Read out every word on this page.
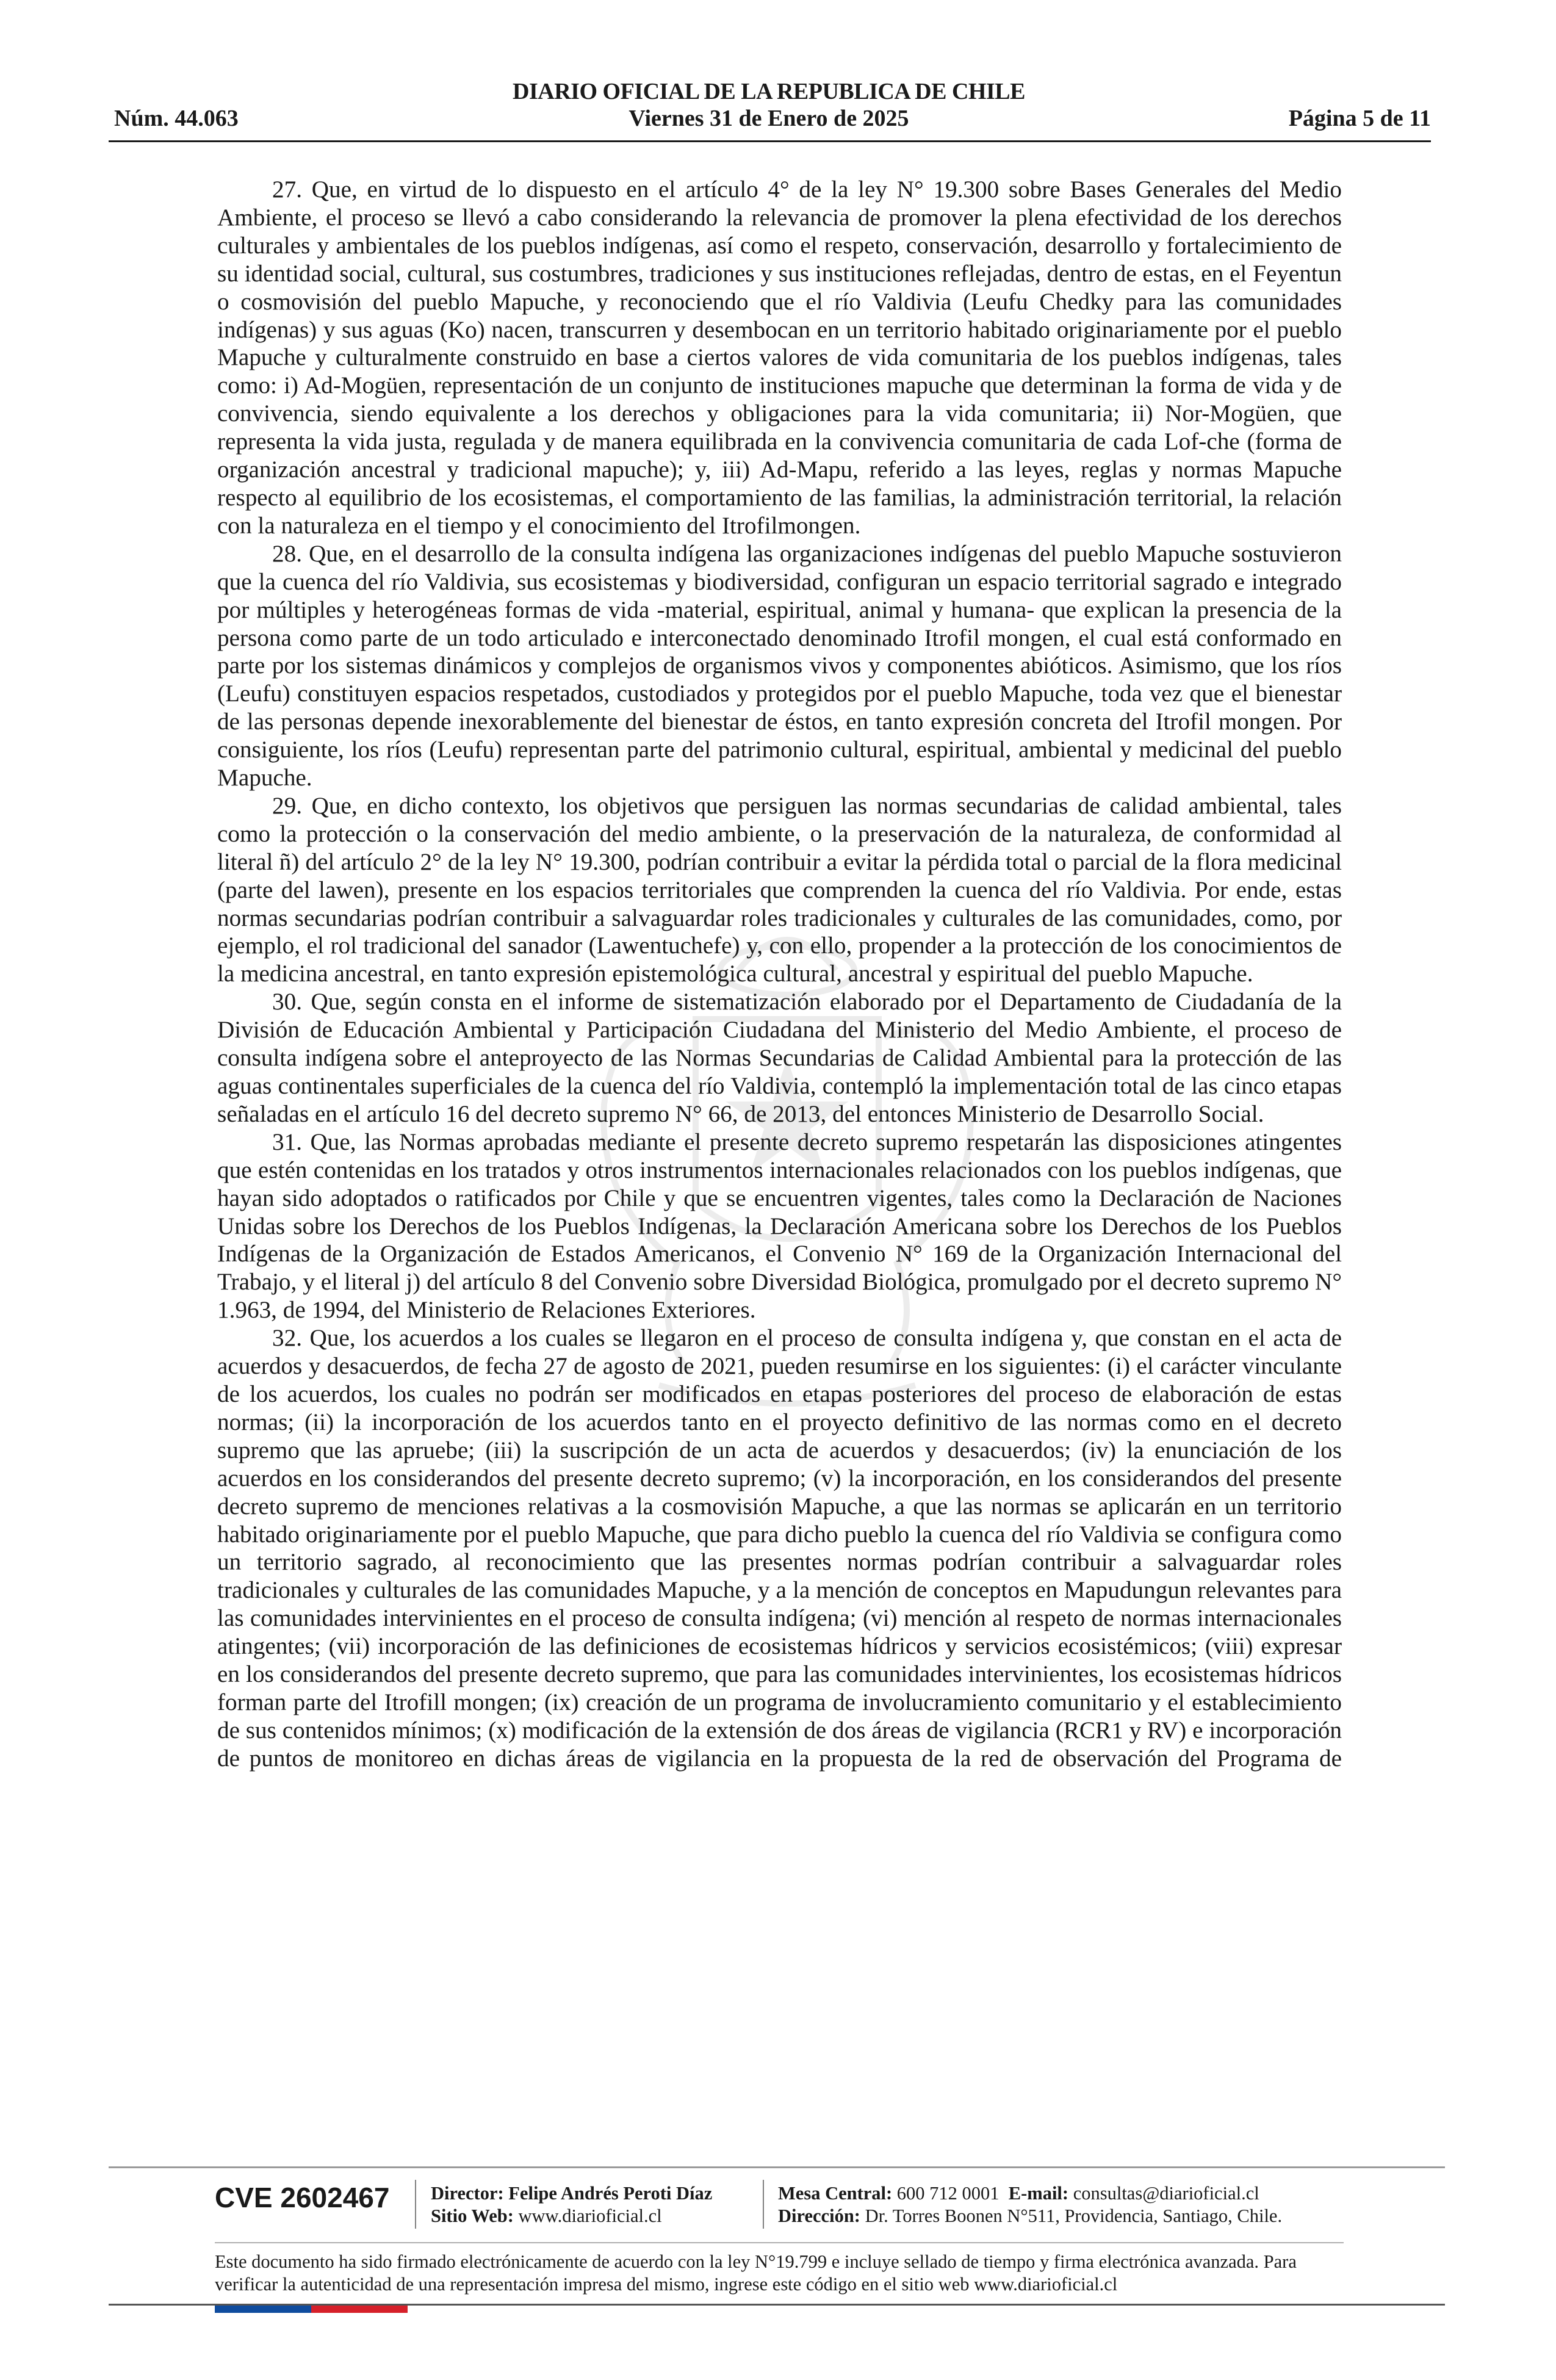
DIARIO OFICIAL DE LA REPUBLICA DE CHILE
Núm. 44.063	Viernes 31 de Enero de 2025	Página 5 de 11

27. Que, en virtud de lo dispuesto en el artículo 4° de la ley N° 19.300 sobre Bases Generales del Medio Ambiente, el proceso se llevó a cabo considerando la relevancia de promover la plena efectividad de los derechos culturales y ambientales de los pueblos indígenas, así como el respeto, conservación, desarrollo y fortalecimiento de su identidad social, cultural, sus costumbres, tradiciones y sus instituciones reflejadas, dentro de estas, en el Feyentun o cosmovisión del pueblo Mapuche, y reconociendo que el río Valdivia (Leufu Chedky para las comunidades indígenas) y sus aguas (Ko) nacen, transcurren y desembocan en un territorio habitado originariamente por el pueblo Mapuche y culturalmente construido en base a ciertos valores de vida comunitaria de los pueblos indígenas, tales como: i) Ad-Mogüen, representación de un conjunto de instituciones mapuche que determinan la forma de vida y de convivencia, siendo equivalente a los derechos y obligaciones para la vida comunitaria; ii) Nor-Mogüen, que representa la vida justa, regulada y de manera equilibrada en la convivencia comunitaria de cada Lof-che (forma de organización ancestral y tradicional mapuche); y, iii) Ad-Mapu, referido a las leyes, reglas y normas Mapuche respecto al equilibrio de los ecosistemas, el comportamiento de las familias, la administración territorial, la relación con la naturaleza en el tiempo y el conocimiento del Itrofilmongen.

28. Que, en el desarrollo de la consulta indígena las organizaciones indígenas del pueblo Mapuche sostuvieron que la cuenca del río Valdivia, sus ecosistemas y biodiversidad, configuran un espacio territorial sagrado e integrado por múltiples y heterogéneas formas de vida -material, espiritual, animal y humana- que explican la presencia de la persona como parte de un todo articulado e interconectado denominado Itrofil mongen, el cual está conformado en parte por los sistemas dinámicos y complejos de organismos vivos y componentes abióticos. Asimismo, que los ríos (Leufu) constituyen espacios respetados, custodiados y protegidos por el pueblo Mapuche, toda vez que el bienestar de las personas depende inexorablemente del bienestar de éstos, en tanto expresión concreta del Itrofil mongen. Por consiguiente, los ríos (Leufu) representan parte del patrimonio cultural, espiritual, ambiental y medicinal del pueblo Mapuche.

29. Que, en dicho contexto, los objetivos que persiguen las normas secundarias de calidad ambiental, tales como la protección o la conservación del medio ambiente, o la preservación de la naturaleza, de conformidad al literal ñ) del artículo 2° de la ley N° 19.300, podrían contribuir a evitar la pérdida total o parcial de la flora medicinal (parte del lawen), presente en los espacios territoriales que comprenden la cuenca del río Valdivia. Por ende, estas normas secundarias podrían contribuir a salvaguardar roles tradicionales y culturales de las comunidades, como, por ejemplo, el rol tradicional del sanador (Lawentuchefe) y, con ello, propender a la protección de los conocimientos de la medicina ancestral, en tanto expresión epistemológica cultural, ancestral y espiritual del pueblo Mapuche.

30. Que, según consta en el informe de sistematización elaborado por el Departamento de Ciudadanía de la División de Educación Ambiental y Participación Ciudadana del Ministerio del Medio Ambiente, el proceso de consulta indígena sobre el anteproyecto de las Normas Secundarias de Calidad Ambiental para la protección de las aguas continentales superficiales de la cuenca del río Valdivia, contempló la implementación total de las cinco etapas señaladas en el artículo 16 del decreto supremo N° 66, de 2013, del entonces Ministerio de Desarrollo Social.

31. Que, las Normas aprobadas mediante el presente decreto supremo respetarán las disposiciones atingentes que estén contenidas en los tratados y otros instrumentos internacionales relacionados con los pueblos indígenas, que hayan sido adoptados o ratificados por Chile y que se encuentren vigentes, tales como la Declaración de Naciones Unidas sobre los Derechos de los Pueblos Indígenas, la Declaración Americana sobre los Derechos de los Pueblos Indígenas de la Organización de Estados Americanos, el Convenio N° 169 de la Organización Internacional del Trabajo, y el literal j) del artículo 8 del Convenio sobre Diversidad Biológica, promulgado por el decreto supremo N° 1.963, de 1994, del Ministerio de Relaciones Exteriores.

32. Que, los acuerdos a los cuales se llegaron en el proceso de consulta indígena y, que constan en el acta de acuerdos y desacuerdos, de fecha 27 de agosto de 2021, pueden resumirse en los siguientes: (i) el carácter vinculante de los acuerdos, los cuales no podrán ser modificados en etapas posteriores del proceso de elaboración de estas normas; (ii) la incorporación de los acuerdos tanto en el proyecto definitivo de las normas como en el decreto supremo que las apruebe; (iii) la suscripción de un acta de acuerdos y desacuerdos; (iv) la enunciación de los acuerdos en los considerandos del presente decreto supremo; (v) la incorporación, en los considerandos del presente decreto supremo de menciones relativas a la cosmovisión Mapuche, a que las normas se aplicarán en un territorio habitado originariamente por el pueblo Mapuche, que para dicho pueblo la cuenca del río Valdivia se configura como un territorio sagrado, al reconocimiento que las presentes normas podrían contribuir a salvaguardar roles tradicionales y culturales de las comunidades Mapuche, y a la mención de conceptos en Mapudungun relevantes para las comunidades intervinientes en el proceso de consulta indígena; (vi) mención al respeto de normas internacionales atingentes; (vii) incorporación de las definiciones de ecosistemas hídricos y servicios ecosistémicos; (viii) expresar en los considerandos del presente decreto supremo, que para las comunidades intervinientes, los ecosistemas hídricos forman parte del Itrofill mongen; (ix) creación de un programa de involucramiento comunitario y el establecimiento de sus contenidos mínimos; (x) modificación de la extensión de dos áreas de vigilancia (RCR1 y RV) e incorporación de puntos de monitoreo en dichas áreas de vigilancia en la propuesta de la red de observación del Programa de

CVE 2602467 Director: Felipe Andrés Peroti Díaz
Sitio Web: www.diarioficial.cl
Mesa Central: 600 712 0001 E-mail: consultas@diarioficial.cl
Dirección: Dr. Torres Boonen N°511, Providencia, Santiago, Chile.
Este documento ha sido firmado electrónicamente de acuerdo con la ley N°19.799 e incluye sellado de tiempo y firma electrónica avanzada. Para verificar la autenticidad de una representación impresa del mismo, ingrese este código en el sitio web www.diarioficial.cl
